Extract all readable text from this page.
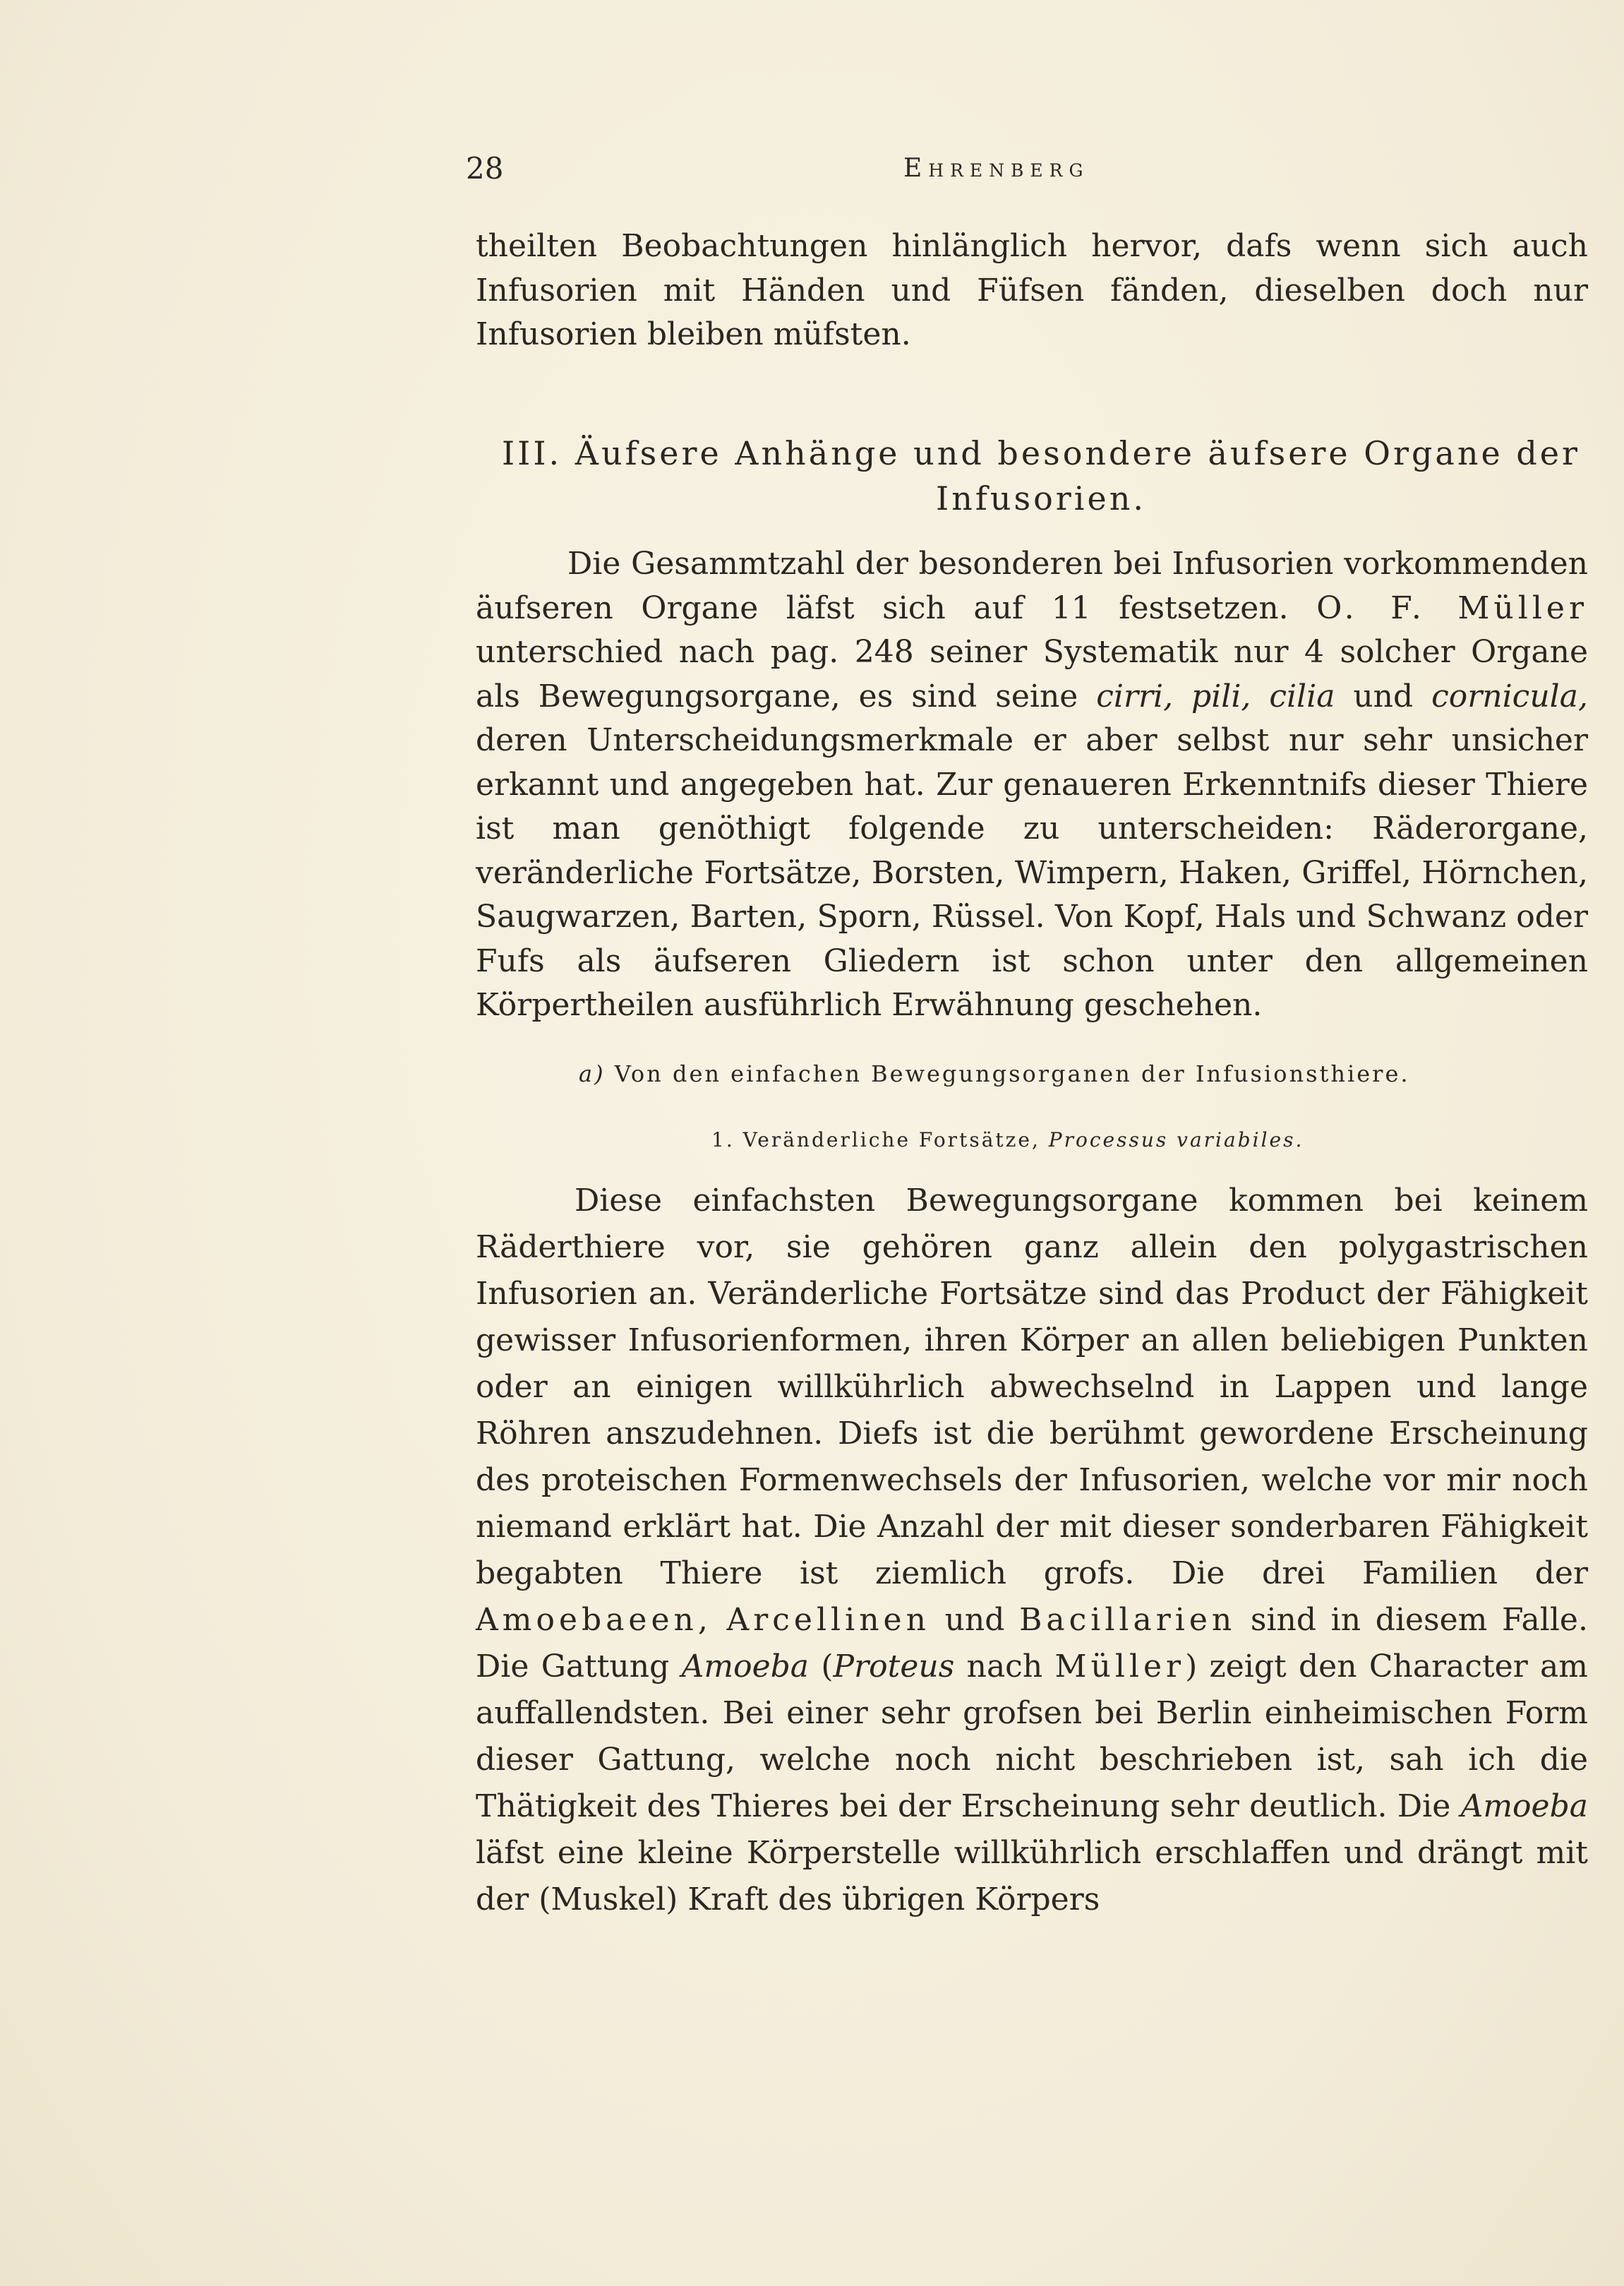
28	Ehrenberg

theilten Beobachtungen hinlänglich hervor, dafs wenn sich auch Infusorien mit Händen und Füfsen fänden, dieselben doch nur Infusorien bleiben müfsten.

III. Äufsere Anhänge und besondere äufsere Organe der Infusorien.

Die Gesammtzahl der besonderen bei Infusorien vorkommenden äufseren Organe läfst sich auf 11 festsetzen. O. F. Müller unterschied nach pag. 248 seiner Systematik nur 4 solcher Organe als Bewegungsorgane, es sind seine cirri, pili, cilia und cornicula, deren Unterscheidungsmerkmale er aber selbst nur sehr unsicher erkannt und angegeben hat. Zur genaueren Erkenntnifs dieser Thiere ist man genöthigt folgende zu unterscheiden: Räderorgane, veränderliche Fortsätze, Borsten, Wimpern, Haken, Griffel, Hörnchen, Saugwarzen, Barten, Sporn, Rüssel. Von Kopf, Hals und Schwanz oder Fufs als äufseren Gliedern ist schon unter den allgemeinen Körpertheilen ausführlich Erwähnung geschehen.

a) Von den einfachen Bewegungsorganen der Infusionsthiere.
1. Veränderliche Fortsätze, Processus variabiles.

Diese einfachsten Bewegungsorgane kommen bei keinem Räderthiere vor, sie gehören ganz allein den polygastrischen Infusorien an. Veränderliche Fortsätze sind das Product der Fähigkeit gewisser Infusorienformen, ihren Körper an allen beliebigen Punkten oder an einigen willkührlich abwechselnd in Lappen und lange Röhren anszudehnen. Diefs ist die berühmt gewordene Erscheinung des proteischen Formenwechsels der Infusorien, welche vor mir noch niemand erklärt hat. Die Anzahl der mit dieser sonderbaren Fähigkeit begabten Thiere ist ziemlich grofs. Die drei Familien der Amoebaeen, Arcellinen und Bacillarien sind in diesem Falle. Die Gattung Amoeba (Proteus nach Müller) zeigt den Character am auffallendsten. Bei einer sehr grofsen bei Berlin einheimischen Form dieser Gattung, welche noch nicht beschrieben ist, sah ich die Thätigkeit des Thieres bei der Erscheinung sehr deutlich. Die Amoeba läfst eine kleine Körperstelle willkührlich erschlaffen und drängt mit der (Muskel) Kraft des übrigen Körpers
